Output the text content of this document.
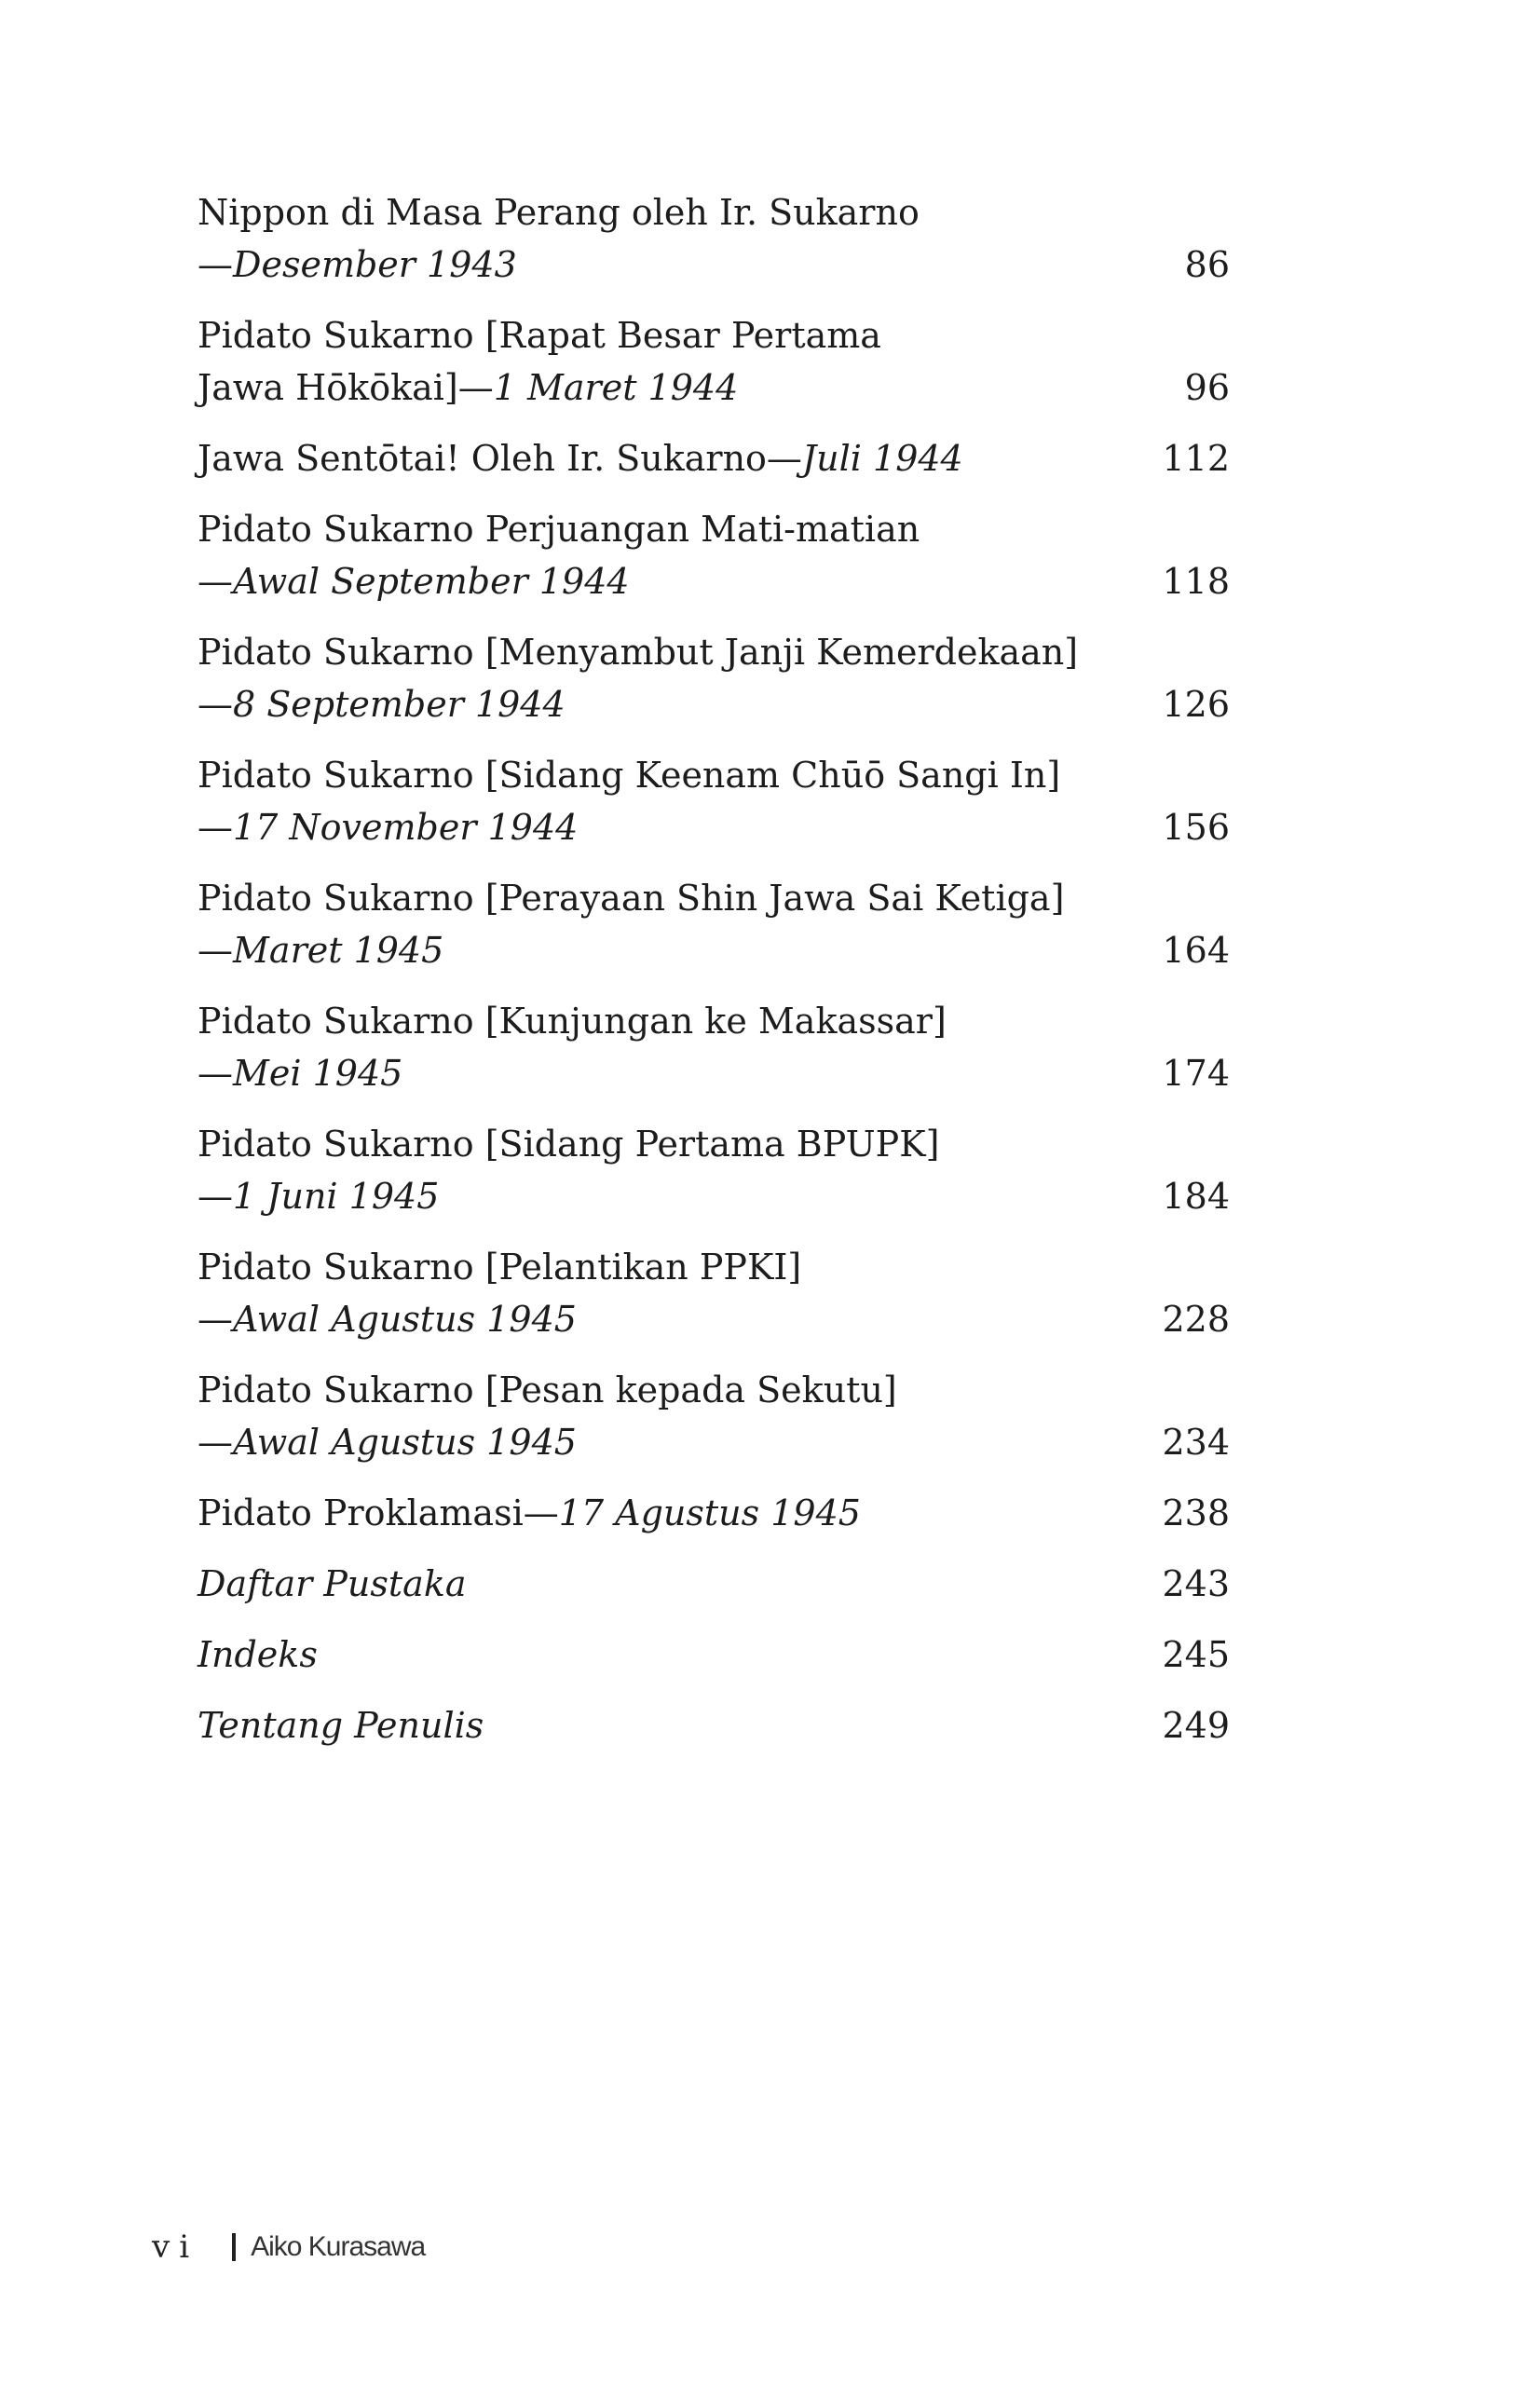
Nippon di Masa Perang oleh Ir. Sukarno
—Desember 1943	86
Pidato Sukarno [Rapat Besar Pertama
Jawa Hōkōkai]—1 Maret 1944	96
Jawa Sentōtai! Oleh Ir. Sukarno—Juli 1944	112
Pidato Sukarno Perjuangan Mati-matian
—Awal September 1944	118
Pidato Sukarno [Menyambut Janji Kemerdekaan]
—8 September 1944	126
Pidato Sukarno [Sidang Keenam Chūō Sangi In]
—17 November 1944	156
Pidato Sukarno [Perayaan Shin Jawa Sai Ketiga]
—Maret 1945	164
Pidato Sukarno [Kunjungan ke Makassar]
—Mei 1945	174
Pidato Sukarno [Sidang Pertama BPUPK]
—1 Juni 1945	184
Pidato Sukarno [Pelantikan PPKI]
—Awal Agustus 1945	228
Pidato Sukarno [Pesan kepada Sekutu]
—Awal Agustus 1945	234
Pidato Proklamasi—17 Agustus 1945	238
Daftar Pustaka	243
Indeks	245
Tentang Penulis	249
vi Aiko Kurasawa
